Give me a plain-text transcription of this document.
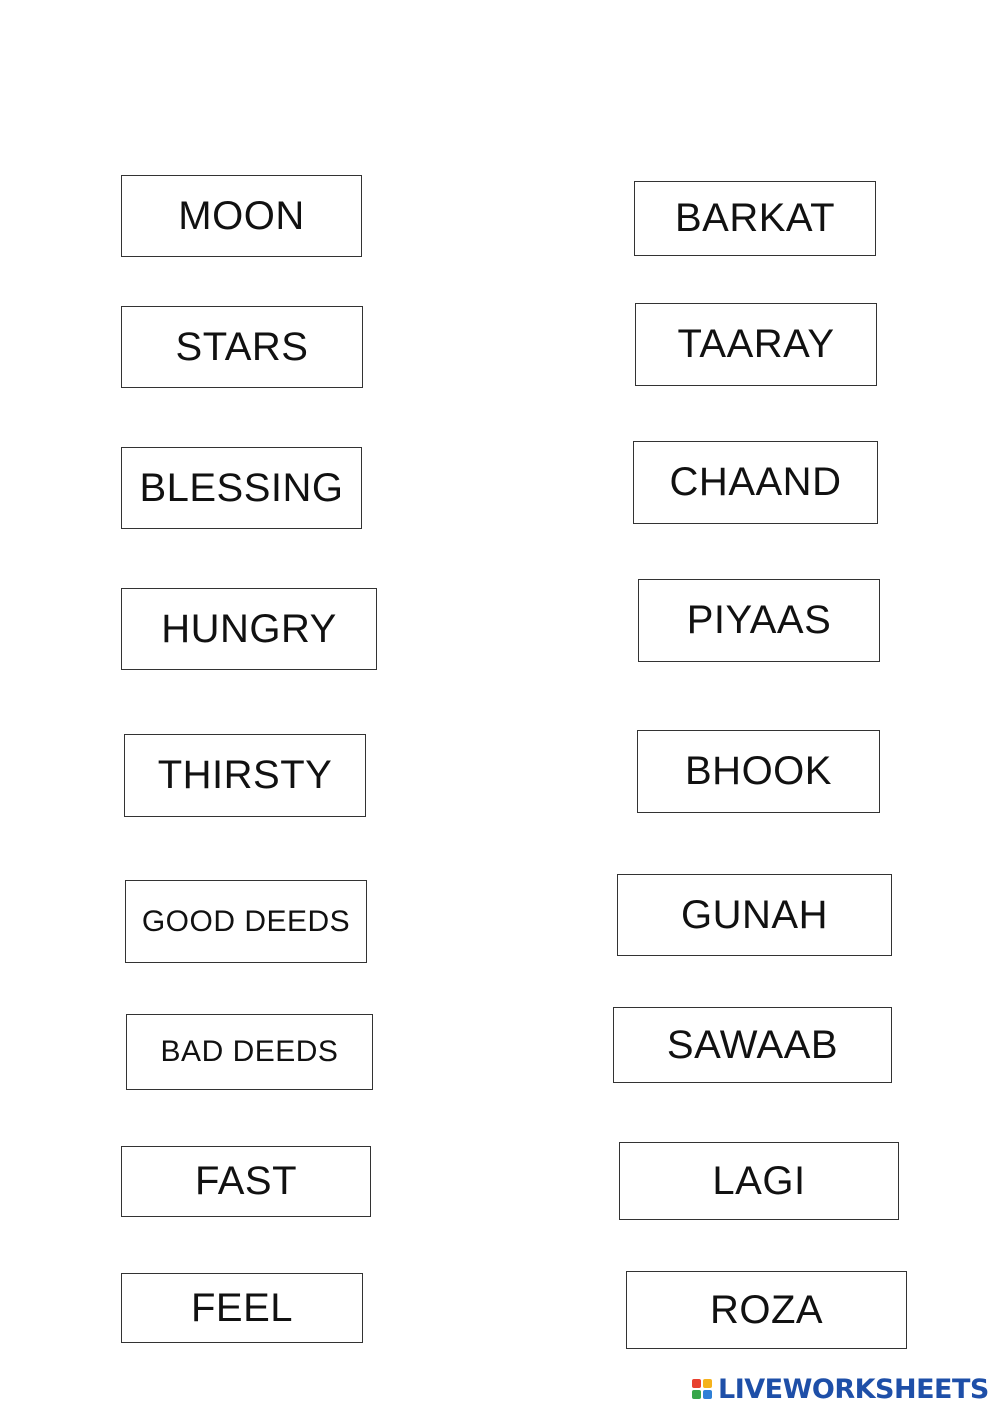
MOON
STARS
BLESSING
HUNGRY
THIRSTY
GOOD DEEDS
BAD DEEDS
FAST
FEEL
BARKAT
TAARAY
CHAAND
PIYAAS
BHOOK
GUNAH
SAWAAB
LAGI
ROZA
LIVEWORKSHEETS
